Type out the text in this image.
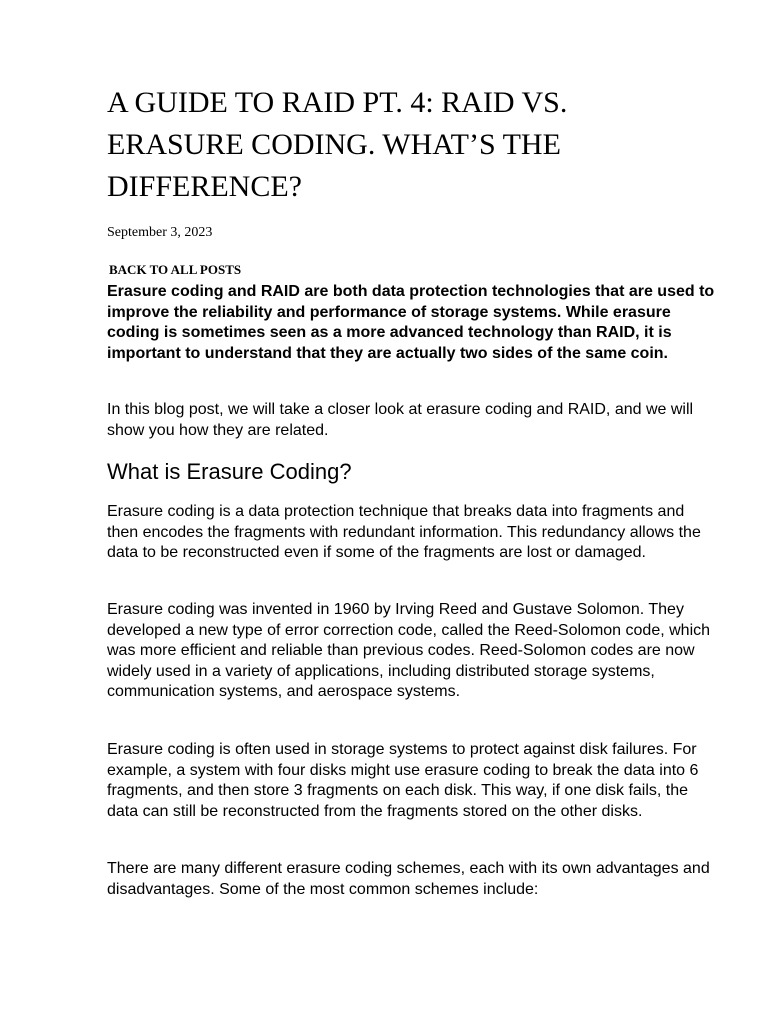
A GUIDE TO RAID PT. 4: RAID VS. ERASURE CODING. WHAT’S THE DIFFERENCE?
September 3, 2023
BACK TO ALL POSTS

Erasure coding and RAID are both data protection technologies that are used to improve the reliability and performance of storage systems. While erasure coding is sometimes seen as a more advanced technology than RAID, it is important to understand that they are actually two sides of the same coin.

In this blog post, we will take a closer look at erasure coding and RAID, and we will show you how they are related.

What is Erasure Coding?

Erasure coding is a data protection technique that breaks data into fragments and then encodes the fragments with redundant information. This redundancy allows the data to be reconstructed even if some of the fragments are lost or damaged.

Erasure coding was invented in 1960 by Irving Reed and Gustave Solomon. They developed a new type of error correction code, called the Reed-Solomon code, which was more efficient and reliable than previous codes. Reed-Solomon codes are now widely used in a variety of applications, including distributed storage systems, communication systems, and aerospace systems.

Erasure coding is often used in storage systems to protect against disk failures. For example, a system with four disks might use erasure coding to break the data into 6 fragments, and then store 3 fragments on each disk. This way, if one disk fails, the data can still be reconstructed from the fragments stored on the other disks.

There are many different erasure coding schemes, each with its own advantages and disadvantages. Some of the most common schemes include:
